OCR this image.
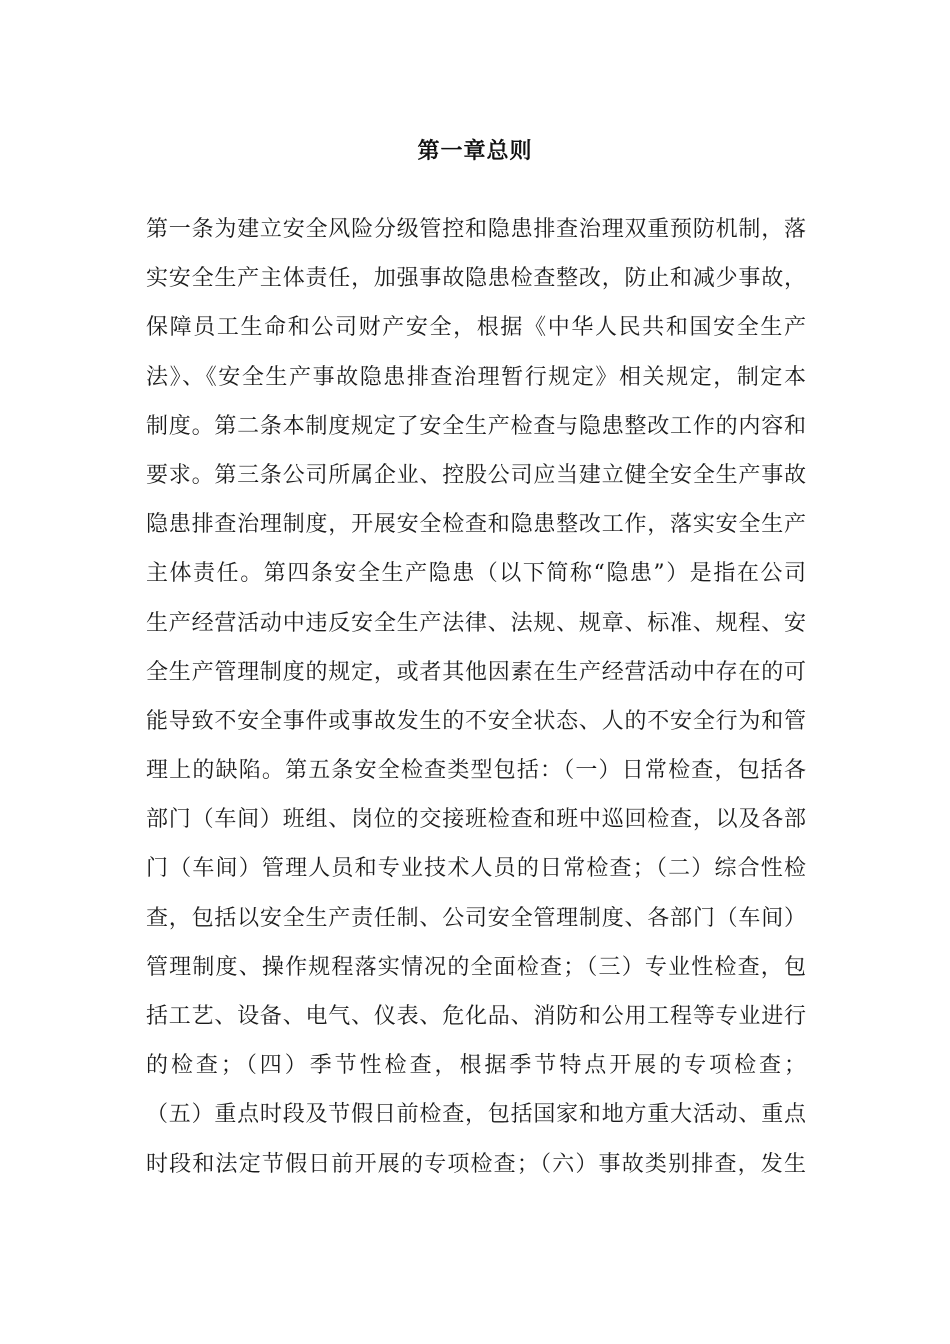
第一章总则
第一条为建立安全风险分级管控和隐患排查治理双重预防机制，落
实安全生产主体责任，加强事故隐患检查整改，防止和减少事故，
保障员工生命和公司财产安全，根据《中华人民共和国安全生产
法》、《安全生产事故隐患排查治理暂行规定》相关规定，制定本
制度。第二条本制度规定了安全生产检查与隐患整改工作的内容和
要求。第三条公司所属企业、控股公司应当建立健全安全生产事故
隐患排查治理制度，开展安全检查和隐患整改工作，落实安全生产
主体责任。第四条安全生产隐患（以下简称“隐患”）是指在公司
生产经营活动中违反安全生产法律、法规、规章、标准、规程、安
全生产管理制度的规定，或者其他因素在生产经营活动中存在的可
能导致不安全事件或事故发生的不安全状态、人的不安全行为和管
理上的缺陷。第五条安全检查类型包括：（一）日常检查，包括各
部门（车间）班组、岗位的交接班检查和班中巡回检查，以及各部
门（车间）管理人员和专业技术人员的日常检查；（二）综合性检
查，包括以安全生产责任制、公司安全管理制度、各部门（车间）
管理制度、操作规程落实情况的全面检查；（三）专业性检查，包
括工艺、设备、电气、仪表、危化品、消防和公用工程等专业进行
的检查；（四）季节性检查，根据季节特点开展的专项检查；
（五）重点时段及节假日前检查，包括国家和地方重大活动、重点
时段和法定节假日前开展的专项检查；（六）事故类别排查，发生
